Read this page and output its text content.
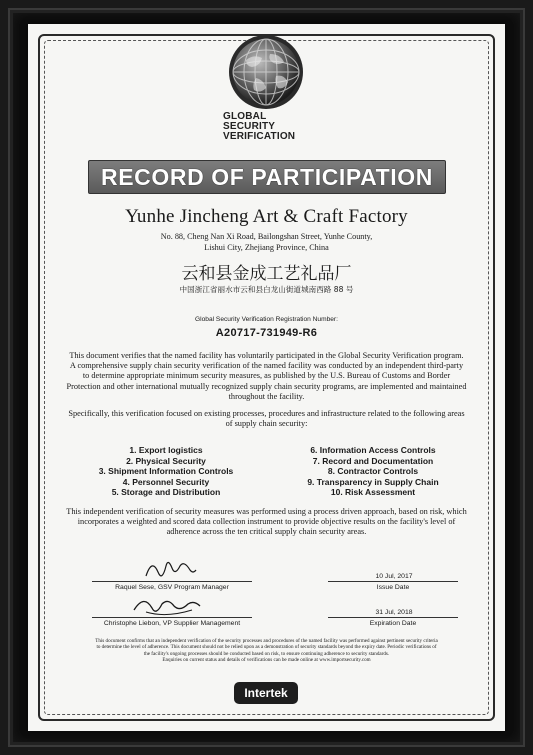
GLOBAL
SECURITY
VERIFICATION
RECORD OF PARTICIPATION
Yunhe Jincheng Art & Craft Factory
No. 88, Cheng Nan Xi Road, Bailongshan Street, Yunhe County,
Lishui City, Zhejiang Province, China
云和县金成工艺礼品厂
中国浙江省丽水市云和县白龙山街道城南西路 88 号
Global Security Verification Registration Number:
A20717-731949-R6
This document verifies that the named facility has voluntarily participated in the Global Security Verification program. A comprehensive supply chain security verification of the named facility was conducted by an independent third-party to determine appropriate minimum security measures, as published by the U.S. Bureau of Customs and Border Protection and other international mutually recognized supply chain security programs, are implemented and maintained throughout the facility.
Specifically, this verification focused on existing processes, procedures and infrastructure related to the following areas of supply chain security:
1. Export logistics
2. Physical Security
3. Shipment Information Controls
4. Personnel Security
5. Storage and Distribution
6. Information Access Controls
7. Record and Documentation
8. Contractor Controls
9. Transparency in Supply Chain
10. Risk Assessment
This independent verification of security measures was performed using a process driven approach, based on risk, which incorporates a weighted and scored data collection instrument to provide objective results on the facility's level of adherence across the ten critical supply chain security areas.
Raquel Sese, GSV Program Manager
10 Jul, 2017
Issue Date
Christophe Liebon, VP Supplier Management
31 Jul, 2018
Expiration Date
This document confirms that an independent verification of the security processes and procedures of the named facility was performed against pertinent security criteria
to determine the level of adherence. This document should not be relied upon as a demonstration of security standards beyond the expiry date. Periodic verifications of
the facility's ongoing processes should be conducted based on risk, to ensure continuing adherence to security standards.
Enquiries on current status and details of verifications can be made online at www.importsecurity.com
Intertek
